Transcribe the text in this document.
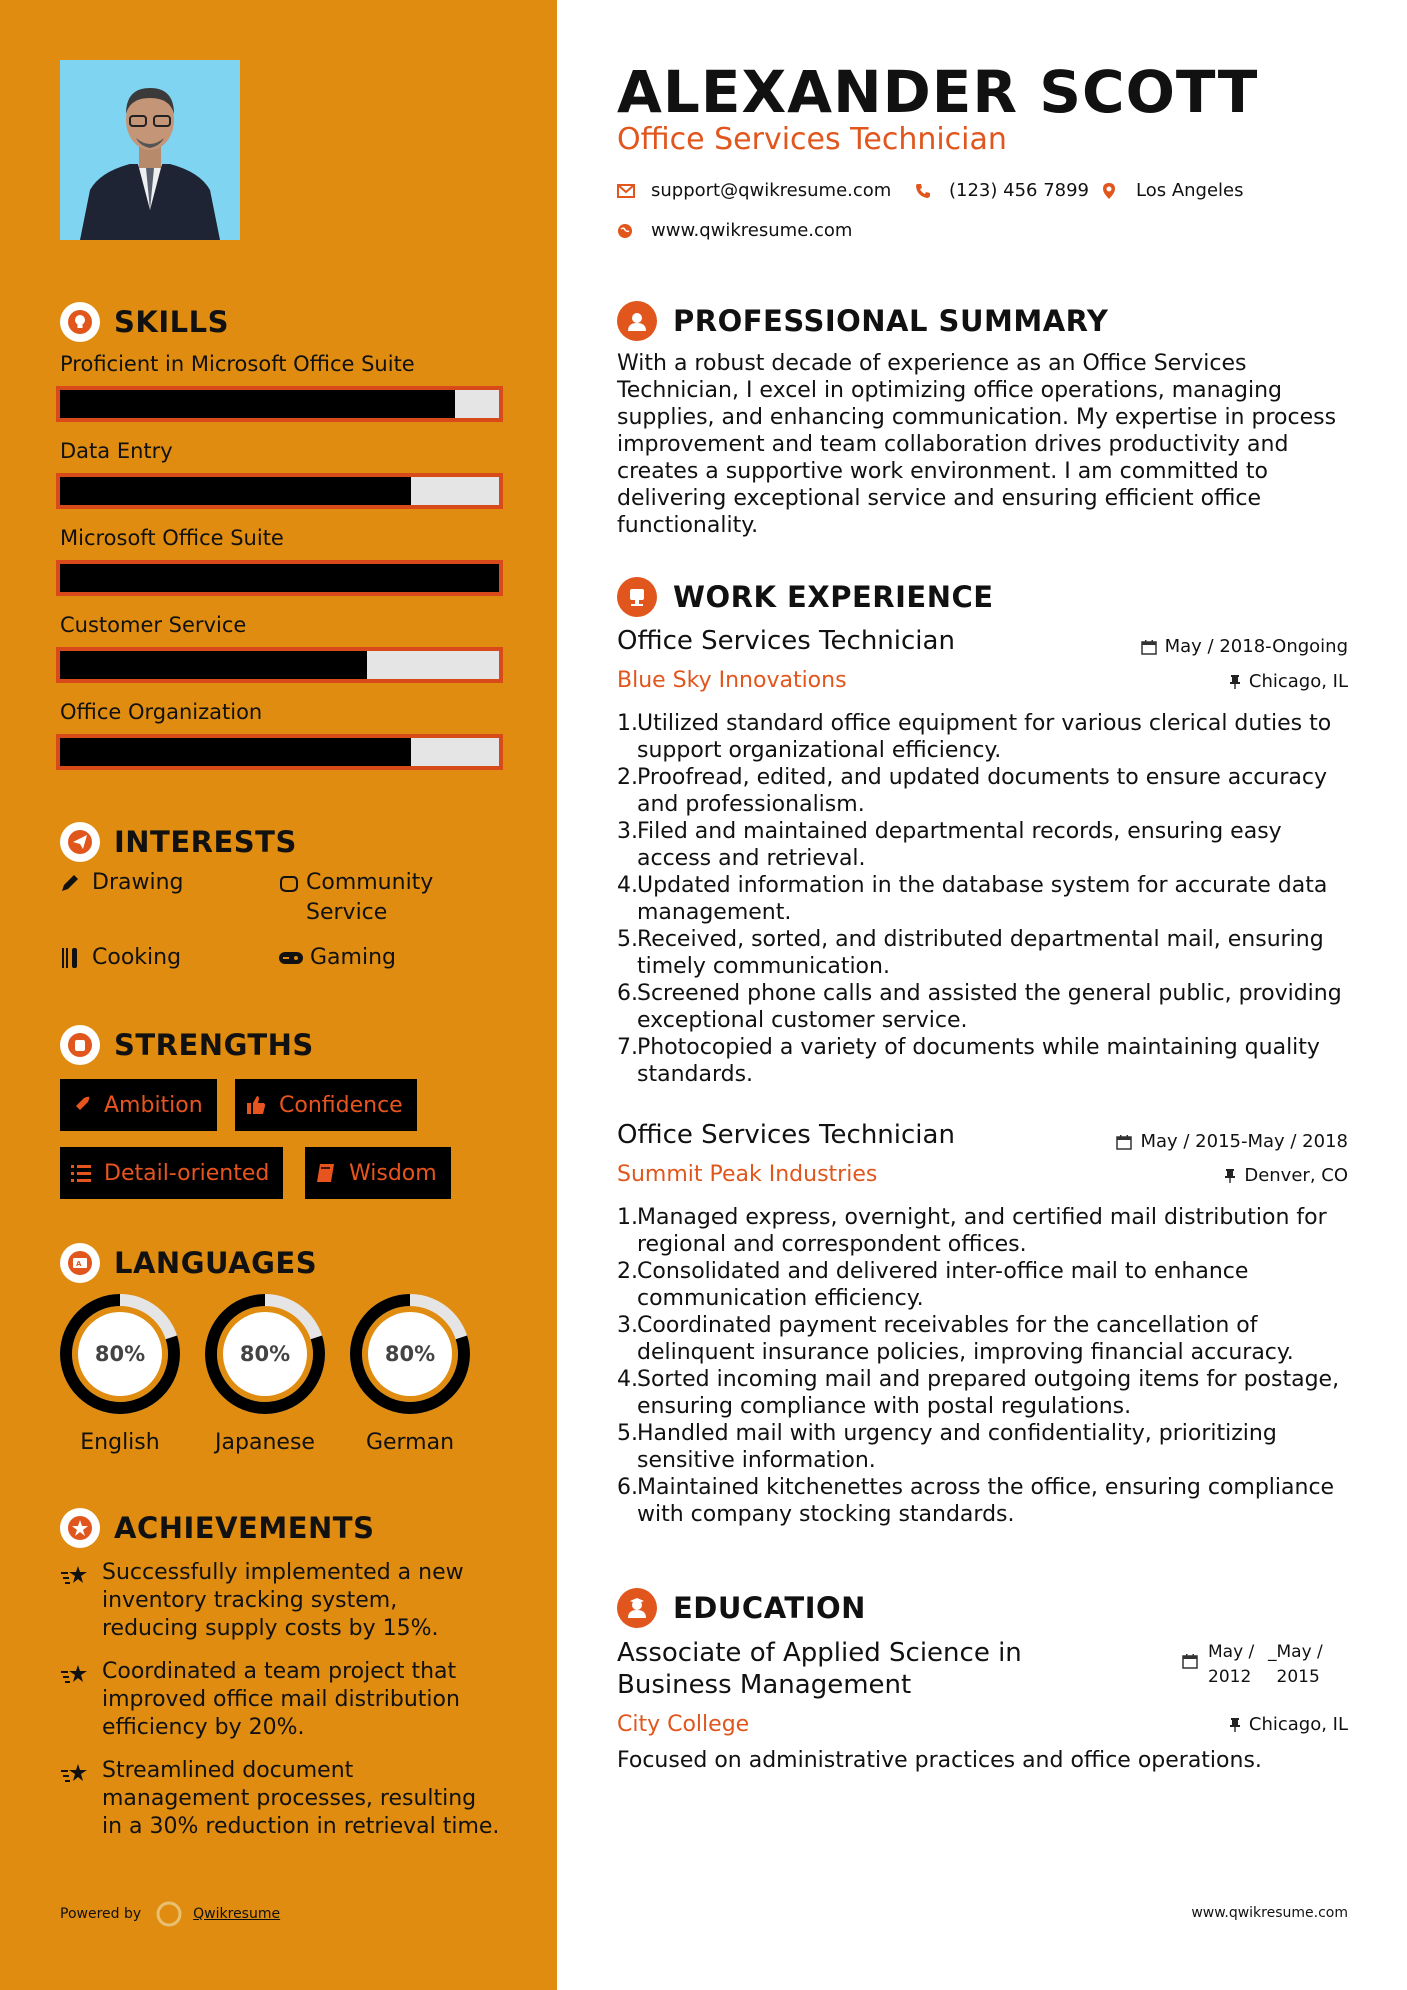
SKILLS
Proficient in Microsoft Office Suite
Data Entry
Microsoft Office Suite
Customer Service
Office Organization
INTERESTS
Drawing	Community Service
Cooking	Gaming
STRENGTHS
Ambition	Confidence
Detail-oriented	Wisdom
A LANGUAGES
80%
English
80%
Japanese
80%
German
ACHIEVEMENTS
Successfully implemented a new inventory tracking system, reducing supply costs by 15%.
Coordinated a team project that improved office mail distribution efficiency by 20%.
Streamlined document management processes, resulting in a 30% reduction in retrieval time.
Powered by	Qwikresume
ALEXANDER SCOTT
Office Services Technician
support@qwikresume.com	(123) 456 7899	Los Angeles
www.qwikresume.com
PROFESSIONAL SUMMARY
With a robust decade of experience as an Office Services Technician, I excel in optimizing office operations, managing supplies, and enhancing communication. My expertise in process improvement and team collaboration drives productivity and creates a supportive work environment. I am committed to delivering exceptional service and ensuring efficient office functionality.
WORK EXPERIENCE
Office Services Technician	May / 2018-Ongoing
Blue Sky Innovations	Chicago, IL
1. Utilized standard office equipment for various clerical duties to support organizational efficiency.
2. Proofread, edited, and updated documents to ensure accuracy and professionalism.
3. Filed and maintained departmental records, ensuring easy access and retrieval.
4. Updated information in the database system for accurate data management.
5. Received, sorted, and distributed departmental mail, ensuring timely communication.
6. Screened phone calls and assisted the general public, providing exceptional customer service.
7. Photocopied a variety of documents while maintaining quality standards.
Office Services Technician	May / 2015-May / 2018
Summit Peak Industries	Denver, CO
1. Managed express, overnight, and certified mail distribution for regional and correspondent offices.
2. Consolidated and delivered inter-office mail to enhance communication efficiency.
3. Coordinated payment receivables for the cancellation of delinquent insurance policies, improving financial accuracy.
4. Sorted incoming mail and prepared outgoing items for postage, ensuring compliance with postal regulations.
5. Handled mail with urgency and confidentiality, prioritizing sensitive information.
6. Maintained kitchenettes across the office, ensuring compliance with company stocking standards.
EDUCATION
Associate of Applied Science in Business Management
May / 2012
_ May / 2015
City College	Chicago, IL
Focused on administrative practices and office operations.
www.qwikresume.com
